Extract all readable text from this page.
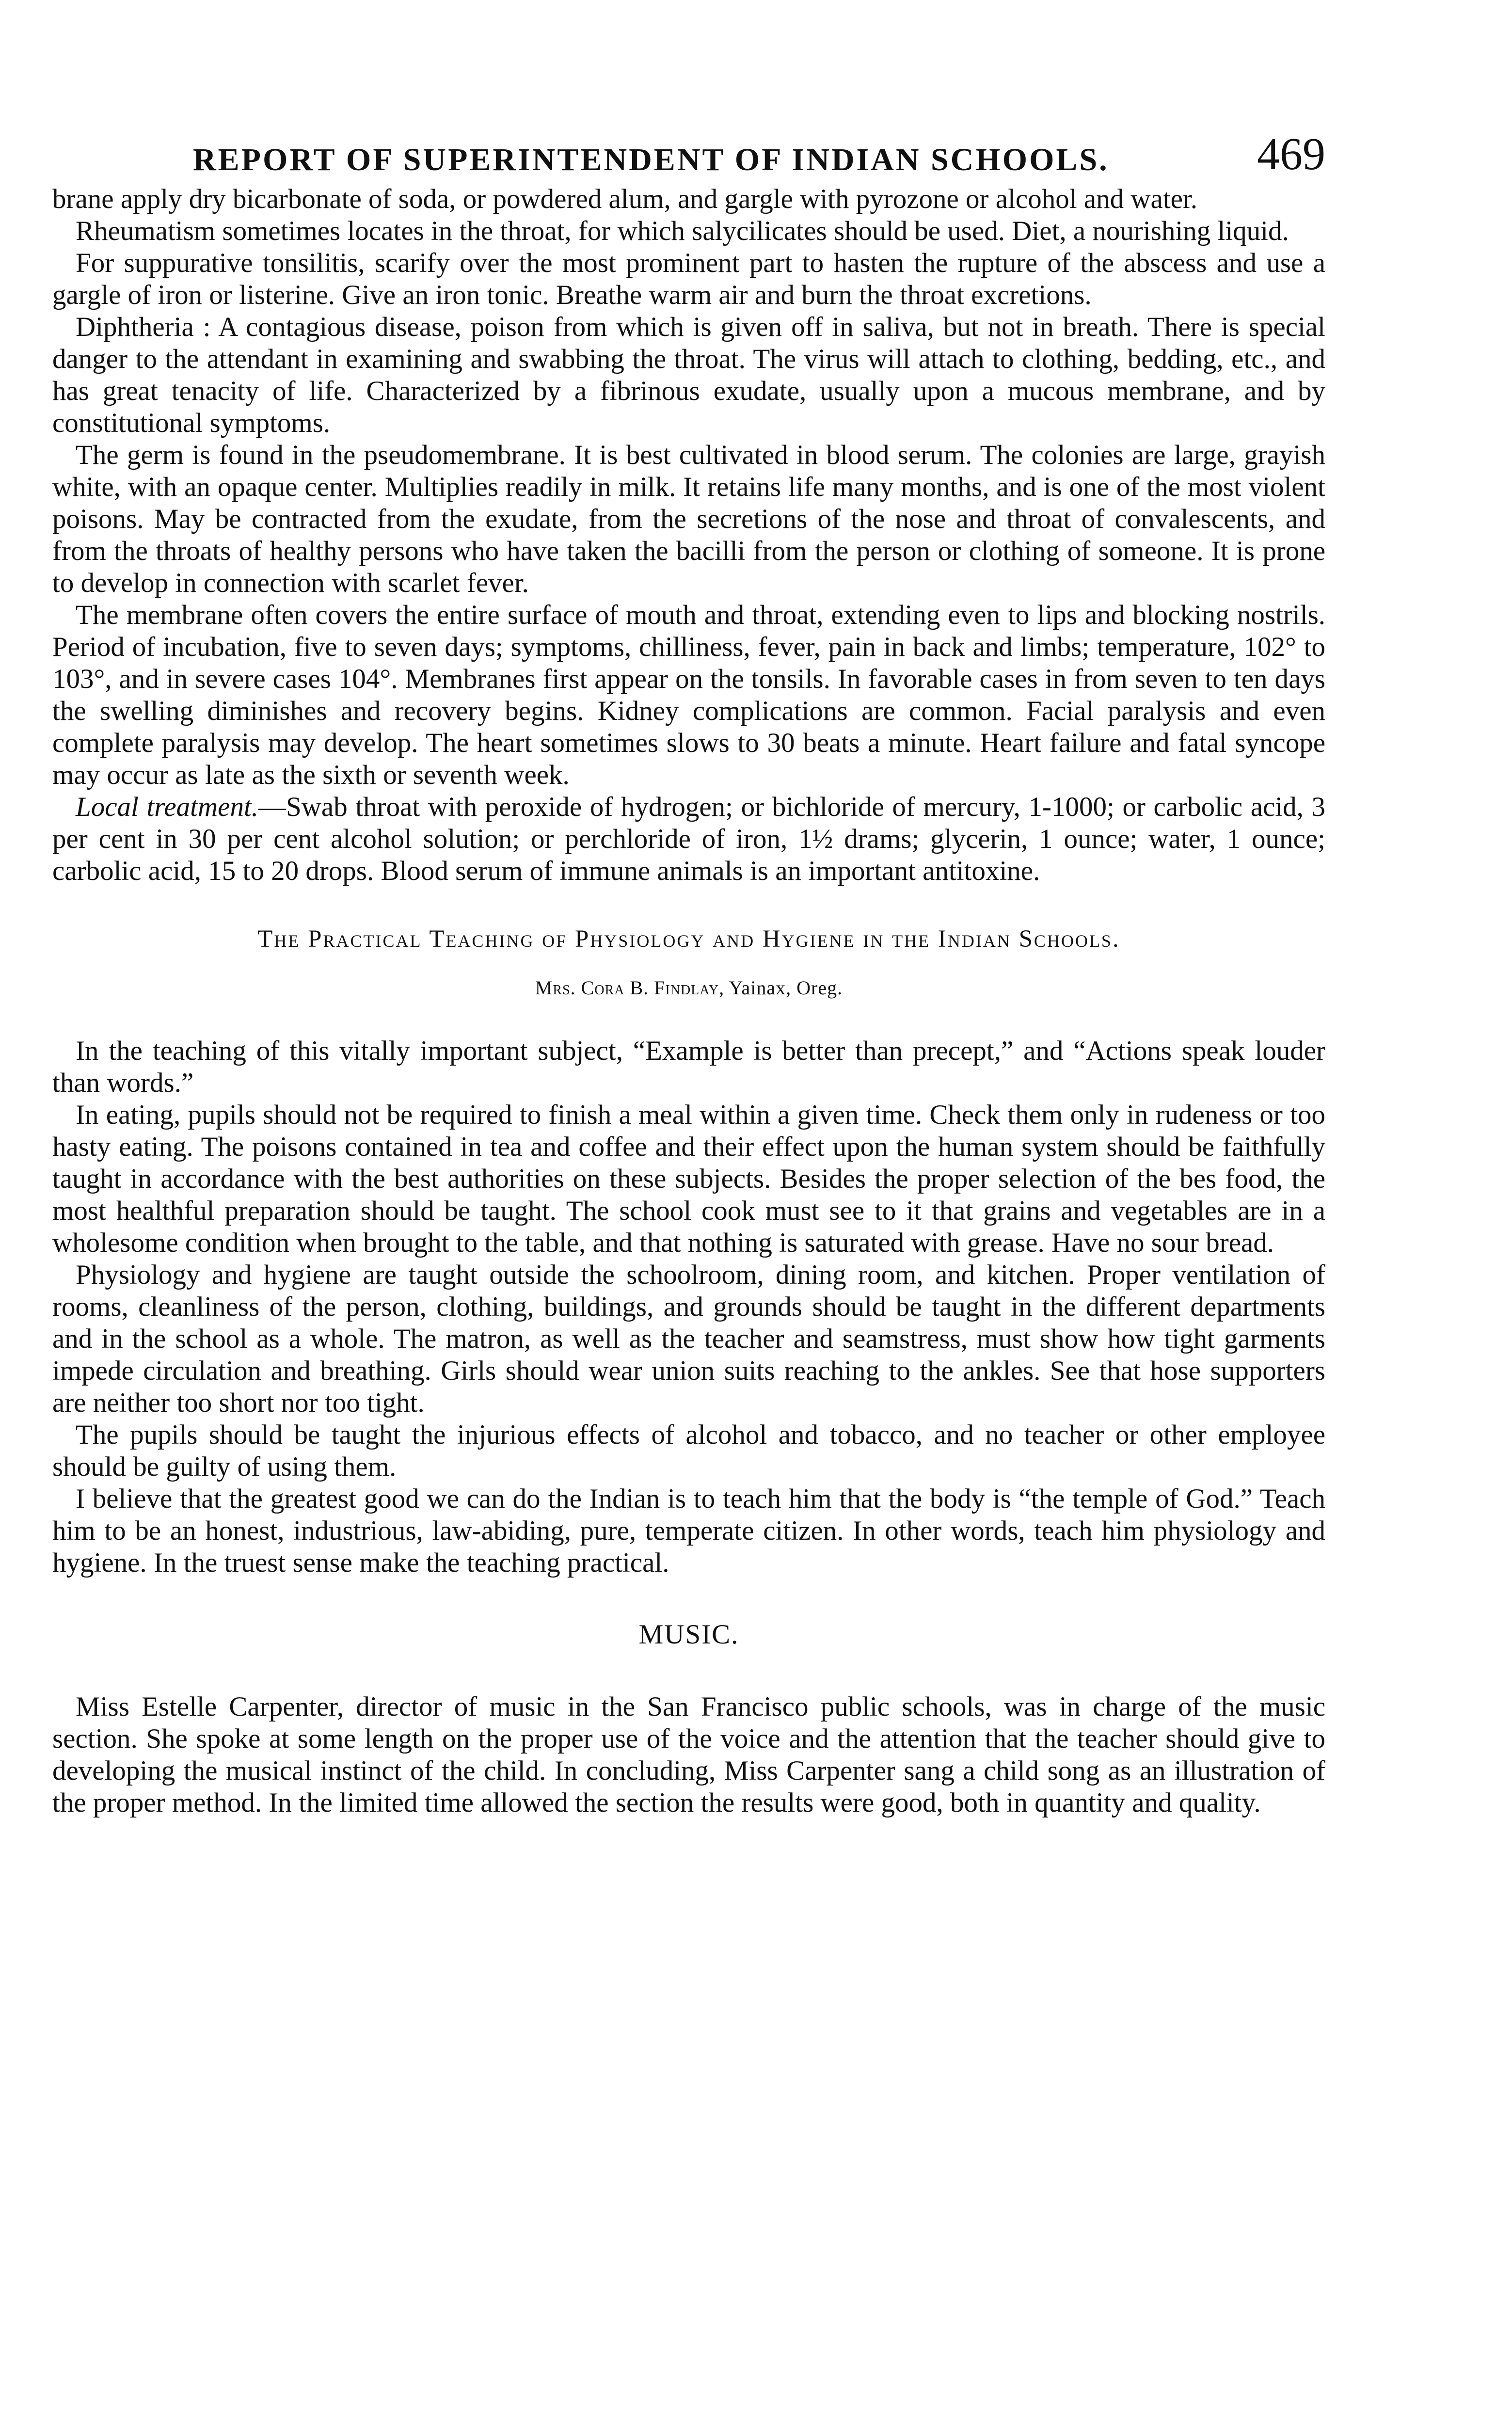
REPORT OF SUPERINTENDENT OF INDIAN SCHOOLS.	469

brane apply dry bicarbonate of soda, or powdered alum, and gargle with pyrozone or alcohol and water.

Rheumatism sometimes locates in the throat, for which salycilicates should be used. Diet, a nourishing liquid.

For suppurative tonsilitis, scarify over the most prominent part to hasten the rupture of the abscess and use a gargle of iron or listerine. Give an iron tonic. Breathe warm air and burn the throat excretions.

Diphtheria : A contagious disease, poison from which is given off in saliva, but not in breath. There is special danger to the attendant in examining and swabbing the throat. The virus will attach to clothing, bedding, etc., and has great tenacity of life. Characterized by a fibrinous exudate, usually upon a mucous membrane, and by constitutional symptoms.

The germ is found in the pseudomembrane. It is best cultivated in blood serum. The colonies are large, grayish white, with an opaque center. Multiplies readily in milk. It retains life many months, and is one of the most violent poisons. May be contracted from the exudate, from the secretions of the nose and throat of convalescents, and from the throats of healthy persons who have taken the bacilli from the person or clothing of someone. It is prone to develop in connection with scarlet fever.

The membrane often covers the entire surface of mouth and throat, extending even to lips and blocking nostrils. Period of incubation, five to seven days; symptoms, chilliness, fever, pain in back and limbs; temperature, 102° to 103°, and in severe cases 104°. Membranes first appear on the tonsils. In favorable cases in from seven to ten days the swelling diminishes and recovery begins. Kidney complications are common. Facial paralysis and even complete paralysis may develop. The heart sometimes slows to 30 beats a minute. Heart failure and fatal syncope may occur as late as the sixth or seventh week.

Local treatment.—Swab throat with peroxide of hydrogen; or bichloride of mercury, 1-1000; or carbolic acid, 3 per cent in 30 per cent alcohol solution; or perchloride of iron, 1½ drams; glycerin, 1 ounce; water, 1 ounce; carbolic acid, 15 to 20 drops. Blood serum of immune animals is an important antitoxine.

The Practical Teaching of Physiology and Hygiene in the Indian Schools.
Mrs. Cora B. Findlay, Yainax, Oreg.

In the teaching of this vitally important subject, “Example is better than precept,” and “Actions speak louder than words.”

In eating, pupils should not be required to finish a meal within a given time. Check them only in rudeness or too hasty eating. The poisons contained in tea and coffee and their effect upon the human system should be faithfully taught in accordance with the best authorities on these subjects. Besides the proper selection of the bes food, the most healthful preparation should be taught. The school cook must see to it that grains and vegetables are in a wholesome condition when brought to the table, and that nothing is saturated with grease. Have no sour bread.

Physiology and hygiene are taught outside the schoolroom, dining room, and kitchen. Proper ventilation of rooms, cleanliness of the person, clothing, buildings, and grounds should be taught in the different departments and in the school as a whole. The matron, as well as the teacher and seamstress, must show how tight garments impede circulation and breathing. Girls should wear union suits reaching to the ankles. See that hose supporters are neither too short nor too tight.

The pupils should be taught the injurious effects of alcohol and tobacco, and no teacher or other employee should be guilty of using them.

I believe that the greatest good we can do the Indian is to teach him that the body is “the temple of God.” Teach him to be an honest, industrious, law-abiding, pure, temperate citizen. In other words, teach him physiology and hygiene. In the truest sense make the teaching practical.

MUSIC.

Miss Estelle Carpenter, director of music in the San Francisco public schools, was in charge of the music section. She spoke at some length on the proper use of the voice and the attention that the teacher should give to developing the musical instinct of the child. In concluding, Miss Carpenter sang a child song as an illustration of the proper method. In the limited time allowed the section the results were good, both in quantity and quality.
